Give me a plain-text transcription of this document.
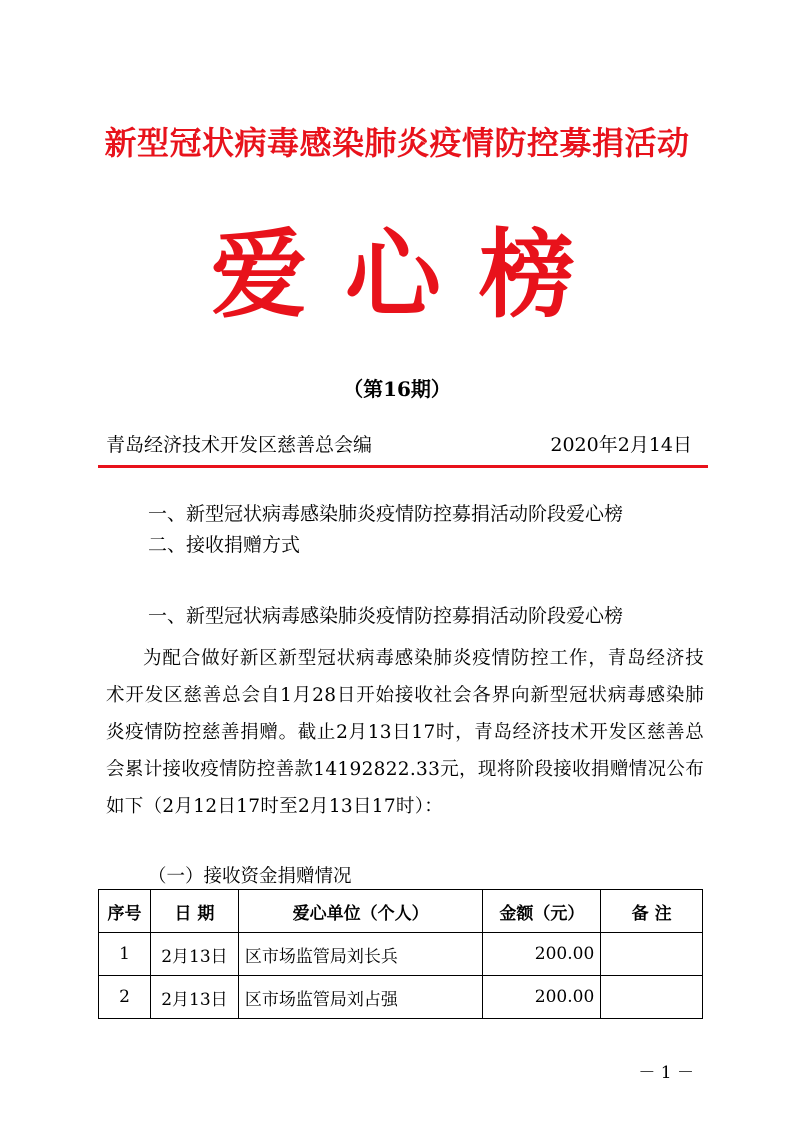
新型冠状病毒感染肺炎疫情防控募捐活动
爱心榜
（第16期）
青岛经济技术开发区慈善总会编	2020年2月14日
一、新型冠状病毒感染肺炎疫情防控募捐活动阶段爱心榜
二、接收捐赠方式
一、新型冠状病毒感染肺炎疫情防控募捐活动阶段爱心榜
为配合做好新区新型冠状病毒感染肺炎疫情防控工作，青岛经济技术开发区慈善总会自1月28日开始接收社会各界向新型冠状病毒感染肺炎疫情防控慈善捐赠。截止2月13日17时，青岛经济技术开发区慈善总会累计接收疫情防控善款14192822.33元，现将阶段接收捐赠情况公布如下（2月12日17时至2月13日17时）：
（一）接收资金捐赠情况
序号	日 期	爱心单位（个人）	金额（元）	备 注
1	2月13日	区市场监管局刘长兵	200.00	
2	2月13日	区市场监管局刘占强	200.00	
－ 1 －
